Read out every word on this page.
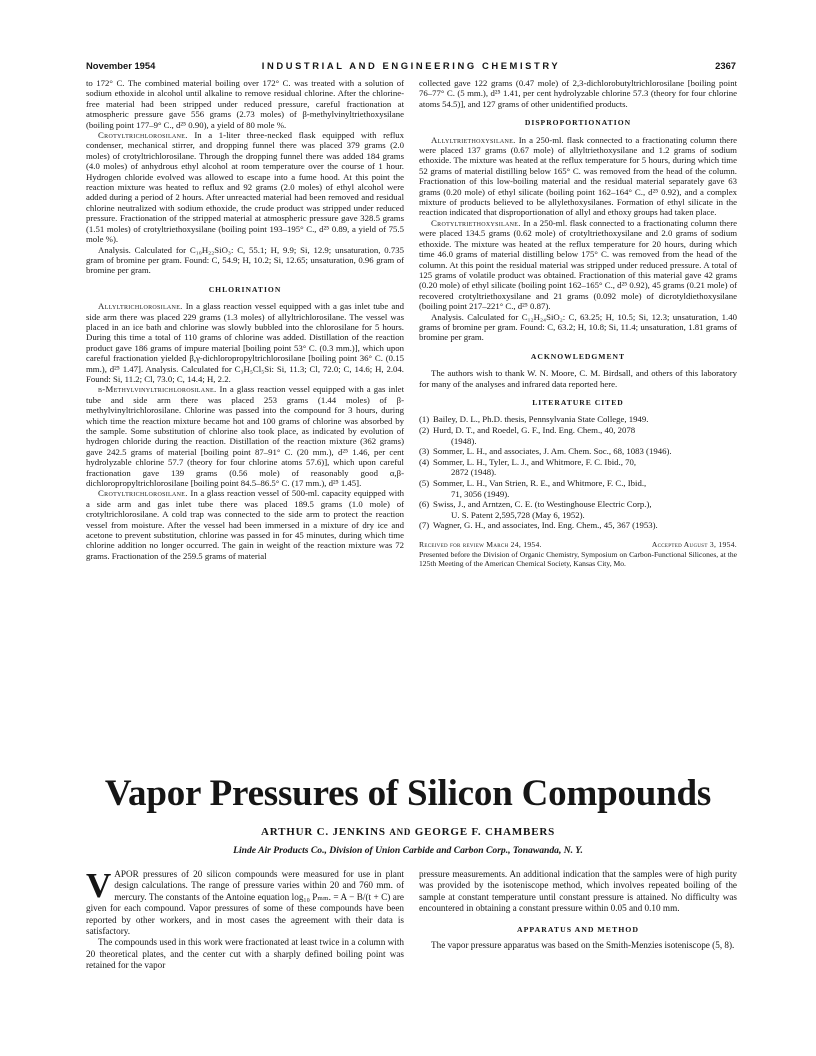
November 1954	INDUSTRIAL AND ENGINEERING CHEMISTRY	2367

to 172° C. The combined material boiling over 172° C. was treated with a solution of sodium ethoxide in alcohol until alkaline to remove residual chlorine. After the chlorine-free material had been stripped under reduced pressure, careful fractionation at atmospheric pressure gave 556 grams (2.73 moles) of β-methylvinyltriethoxysilane (boiling point 177–9° C., d²⁵ 0.90), a yield of 80 mole %.

Crotyltrichlorosilane. In a 1-liter three-necked flask equipped with reflux condenser, mechanical stirrer, and dropping funnel there was placed 379 grams (2.0 moles) of crotyltrichlorosilane. Through the dropping funnel there was added 184 grams (4.0 moles) of anhydrous ethyl alcohol at room temperature over the course of 1 hour. Hydrogen chloride evolved was allowed to escape into a fume hood. At this point the reaction mixture was heated to reflux and 92 grams (2.0 moles) of ethyl alcohol were added during a period of 2 hours. After unreacted material had been removed and residual chlorine neutralized with sodium ethoxide, the crude product was stripped under reduced pressure. Fractionation of the stripped material at atmospheric pressure gave 328.5 grams (1.51 moles) of crotyltriethoxysilane (boiling point 193–195° C., d²⁵ 0.89, a yield of 75.5 mole %).

Analysis. Calculated for C₁₀H₂₂SiO₃: C, 55.1; H, 9.9; Si, 12.9; unsaturation, 0.735 gram of bromine per gram. Found: C, 54.9; H, 10.2; Si, 12.65; unsaturation, 0.96 gram of bromine per gram.

CHLORINATION

Allyltrichlorosilane. In a glass reaction vessel equipped with a gas inlet tube and side arm there was placed 229 grams (1.3 moles) of allyltrichlorosilane. The vessel was placed in an ice bath and chlorine was slowly bubbled into the chlorosilane for 5 hours. During this time a total of 110 grams of chlorine was added. Distillation of the reaction product gave 186 grams of impure material [boiling point 53° C. (0.3 mm.)], which upon careful fractionation yielded β,γ-dichloropropyltrichlorosilane [boiling point 36° C. (0.15 mm.), d²⁵ 1.47]. Analysis. Calculated for C₃H₅Cl₅Si: Si, 11.3; Cl, 72.0; C, 14.6; H, 2.04. Found: Si, 11.2; Cl, 73.0; C, 14.4; H, 2.2.

β-Methylvinyltrichlorosilane. In a glass reaction vessel equipped with a gas inlet tube and side arm there was placed 253 grams (1.44 moles) of β-methylvinyltrichlorosilane. Chlorine was passed into the compound for 3 hours, during which time the reaction mixture became hot and 100 grams of chlorine was absorbed by the sample. Some substitution of chlorine also took place, as indicated by evolution of hydrogen chloride during the reaction. Distillation of the reaction mixture (362 grams) gave 242.5 grams of material [boiling point 87–91° C. (20 mm.), d²⁵ 1.46, per cent hydrolyzable chlorine 57.7 (theory for four chlorine atoms 57.6)], which upon careful fractionation gave 139 grams (0.56 mole) of reasonably good α,β-dichloropropyltrichlorosilane [boiling point 84.5–86.5° C. (17 mm.), d²⁵ 1.45].

Crotyltrichlorosilane. In a glass reaction vessel of 500-ml. capacity equipped with a side arm and gas inlet tube there was placed 189.5 grams (1.0 mole) of crotyltrichlorosilane. A cold trap was connected to the side arm to protect the reaction vessel from moisture. After the vessel had been immersed in a mixture of dry ice and acetone to prevent substitution, chlorine was passed in for 45 minutes, during which time chlorine addition no longer occurred. The gain in weight of the reaction mixture was 72 grams. Fractionation of the 259.5 grams of material

collected gave 122 grams (0.47 mole) of 2,3-dichlorobutyltrichlorosilane [boiling point 76–77° C. (5 mm.), d²⁵ 1.41, per cent hydrolyzable chlorine 57.3 (theory for four chlorine atoms 54.5)], and 127 grams of other unidentified products.

DISPROPORTIONATION

Allyltriethoxysilane. In a 250-ml. flask connected to a fractionating column there were placed 137 grams (0.67 mole) of allyltriethoxysilane and 1.2 grams of sodium ethoxide. The mixture was heated at the reflux temperature for 5 hours, during which time 52 grams of material distilling below 165° C. was removed from the head of the column. Fractionation of this low-boiling material and the residual material separately gave 63 grams (0.20 mole) of ethyl silicate (boiling point 162–164° C., d²⁵ 0.92), and a complex mixture of products believed to be allylethoxysilanes. Formation of ethyl silicate in the reaction indicated that disproportionation of allyl and ethoxy groups had taken place.

Crotyltriethoxysilane. In a 250-ml. flask connected to a fractionating column there were placed 134.5 grams (0.62 mole) of crotyltriethoxysilane and 2.0 grams of sodium ethoxide. The mixture was heated at the reflux temperature for 20 hours, during which time 46.0 grams of material distilling below 175° C. was removed from the head of the column. At this point the residual material was stripped under reduced pressure. A total of 125 grams of volatile product was obtained. Fractionation of this material gave 42 grams (0.20 mole) of ethyl silicate (boiling point 162–165° C., d²⁵ 0.92), 45 grams (0.21 mole) of recovered crotyltriethoxysilane and 21 grams (0.092 mole) of dicrotyldiethoxysilane (boiling point 217–221° C., d²⁵ 0.87).

Analysis. Calculated for C₁₂H₂₄SiO₂: C, 63.25; H, 10.5; Si, 12.3; unsaturation, 1.40 grams of bromine per gram. Found: C, 63.2; H, 10.8; Si, 11.4; unsaturation, 1.81 grams of bromine per gram.

ACKNOWLEDGMENT

The authors wish to thank W. N. Moore, C. M. Birdsall, and others of this laboratory for many of the analyses and infrared data reported here.

LITERATURE CITED
(1) Bailey, D. L., Ph.D. thesis, Pennsylvania State College, 1949.
(2) Hurd, D. T., and Roedel, G. F., Ind. Eng. Chem., 40, 2078
(1948).
(3) Sommer, L. H., and associates, J. Am. Chem. Soc., 68, 1083 (1946).
(4) Sommer, L. H., Tyler, L. J., and Whitmore, F. C. Ibid., 70,
2872 (1948).
(5) Sommer, L. H., Van Strien, R. E., and Whitmore, F. C., Ibid.,
71, 3056 (1949).
(6) Swiss, J., and Arntzen, C. E. (to Westinghouse Electric Corp.),
U. S. Patent 2,595,728 (May 6, 1952).
(7) Wagner, G. H., and associates, Ind. Eng. Chem., 45, 367 (1953).
Received for review March 24, 1954.	Accepted August 3, 1954.
Presented before the Division of Organic Chemistry, Symposium on Carbon-Functional Silicones, at the 125th Meeting of the American Chemical Society, Kansas City, Mo.
Vapor Pressures of Silicon Compounds
ARTHUR C. JENKINS AND GEORGE F. CHAMBERS
Linde Air Products Co., Division of Union Carbide and Carbon Corp., Tonawanda, N. Y.

VAPOR pressures of 20 silicon compounds were measured for use in plant design calculations. The range of pressure varies within 20 and 760 mm. of mercury. The constants of the Antoine equation log₁₀ Pₘₘ. = A − B/(t + C) are given for each compound. Vapor pressures of some of these compounds have been reported by other workers, and in most cases the agreement with their data is satisfactory.

The compounds used in this work were fractionated at least twice in a column with 20 theoretical plates, and the center cut with a sharply defined boiling point was retained for the vapor

pressure measurements. An additional indication that the samples were of high purity was provided by the isoteniscope method, which involves repeated boiling of the sample at constant temperature until constant pressure is attained. No difficulty was encountered in obtaining a constant pressure within 0.05 and 0.10 mm.

APPARATUS AND METHOD

The vapor pressure apparatus was based on the Smith-Menzies isoteniscope (5, 8).
